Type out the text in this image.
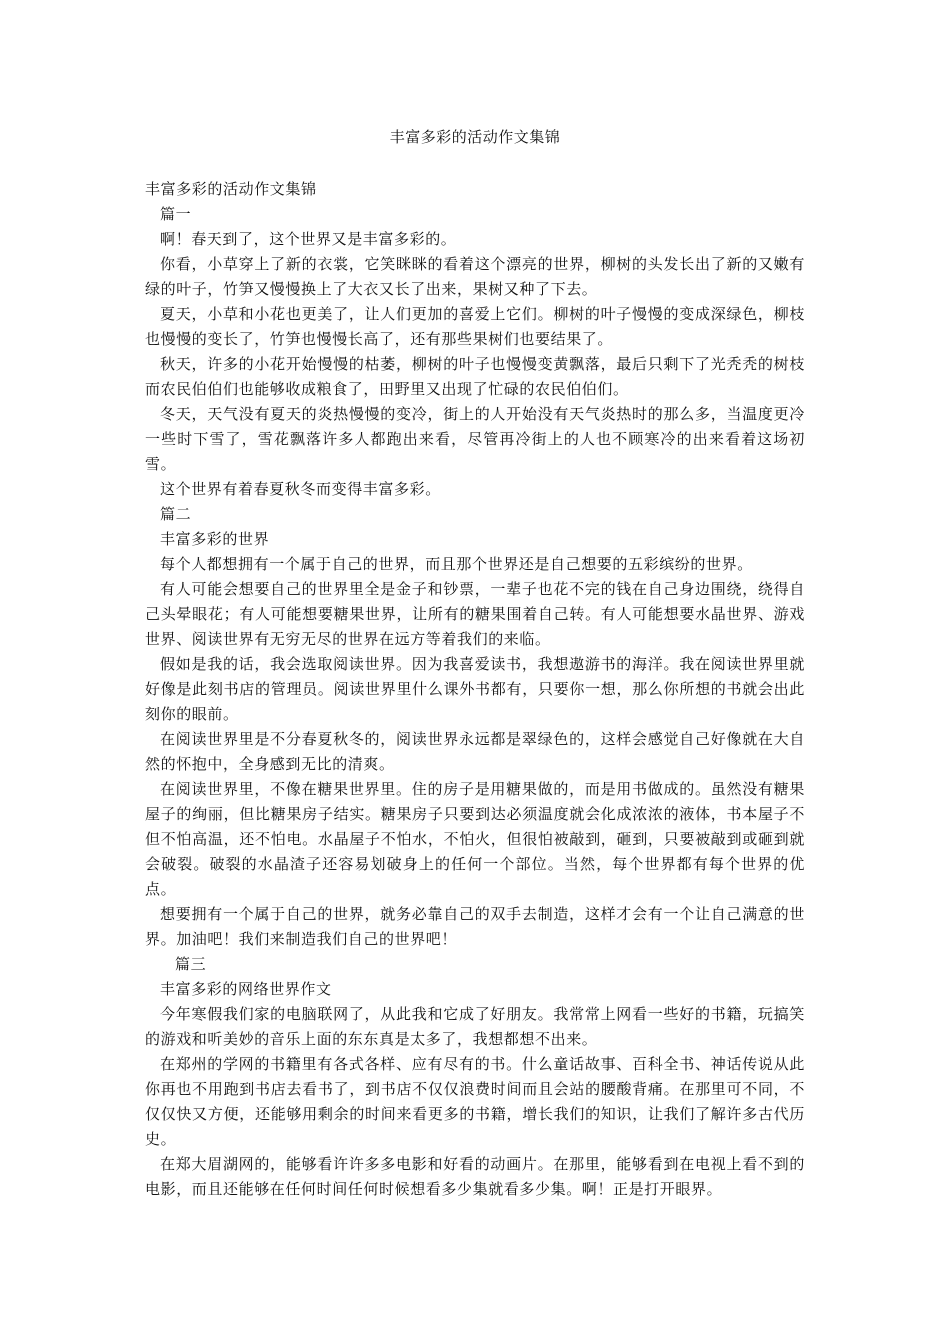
丰富多彩的活动作文集锦

丰富多彩的活动作文集锦

篇一

啊！春天到了，这个世界又是丰富多彩的。

你看，小草穿上了新的衣裳，它笑眯眯的看着这个漂亮的世界，柳树的头发长出了新的又嫩有绿的叶子，竹笋又慢慢换上了大衣又长了出来，果树又种了下去。

夏天，小草和小花也更美了，让人们更加的喜爱上它们。柳树的叶子慢慢的变成深绿色，柳枝也慢慢的变长了，竹笋也慢慢长高了，还有那些果树们也要结果了。

秋天，许多的小花开始慢慢的枯萎，柳树的叶子也慢慢变黄飘落，最后只剩下了光秃秃的树枝而农民伯伯们也能够收成粮食了，田野里又出现了忙碌的农民伯伯们。

冬天，天气没有夏天的炎热慢慢的变冷，街上的人开始没有天气炎热时的那么多，当温度更冷一些时下雪了，雪花飘落许多人都跑出来看，尽管再冷街上的人也不顾寒冷的出来看着这场初雪。

这个世界有着春夏秋冬而变得丰富多彩。

篇二

丰富多彩的世界

每个人都想拥有一个属于自己的世界，而且那个世界还是自己想要的五彩缤纷的世界。

有人可能会想要自己的世界里全是金子和钞票，一辈子也花不完的钱在自己身边围绕，绕得自己头晕眼花；有人可能想要糖果世界，让所有的糖果围着自己转。有人可能想要水晶世界、游戏世界、阅读世界有无穷无尽的世界在远方等着我们的来临。

假如是我的话，我会选取阅读世界。因为我喜爱读书，我想遨游书的海洋。我在阅读世界里就好像是此刻书店的管理员。阅读世界里什么课外书都有，只要你一想，那么你所想的书就会出此刻你的眼前。

在阅读世界里是不分春夏秋冬的，阅读世界永远都是翠绿色的，这样会感觉自己好像就在大自然的怀抱中，全身感到无比的清爽。

在阅读世界里，不像在糖果世界里。住的房子是用糖果做的，而是用书做成的。虽然没有糖果屋子的绚丽，但比糖果房子结实。糖果房子只要到达必须温度就会化成浓浓的液体，书本屋子不但不怕高温，还不怕电。水晶屋子不怕水，不怕火，但很怕被敲到，砸到，只要被敲到或砸到就会破裂。破裂的水晶渣子还容易划破身上的任何一个部位。当然，每个世界都有每个世界的优点。

想要拥有一个属于自己的世界，就务必靠自己的双手去制造，这样才会有一个让自己满意的世界。加油吧！我们来制造我们自己的世界吧！

篇三

丰富多彩的网络世界作文

今年寒假我们家的电脑联网了，从此我和它成了好朋友。我常常上网看一些好的书籍，玩搞笑的游戏和听美妙的音乐上面的东东真是太多了，我想都想不出来。

在郑州的学网的书籍里有各式各样、应有尽有的书。什么童话故事、百科全书、神话传说从此你再也不用跑到书店去看书了，到书店不仅仅浪费时间而且会站的腰酸背痛。在那里可不同，不仅仅快又方便，还能够用剩余的时间来看更多的书籍，增长我们的知识，让我们了解许多古代历史。

在郑大眉湖网的，能够看许许多多电影和好看的动画片。在那里，能够看到在电视上看不到的电影，而且还能够在任何时间任何时候想看多少集就看多少集。啊！正是打开眼界。
